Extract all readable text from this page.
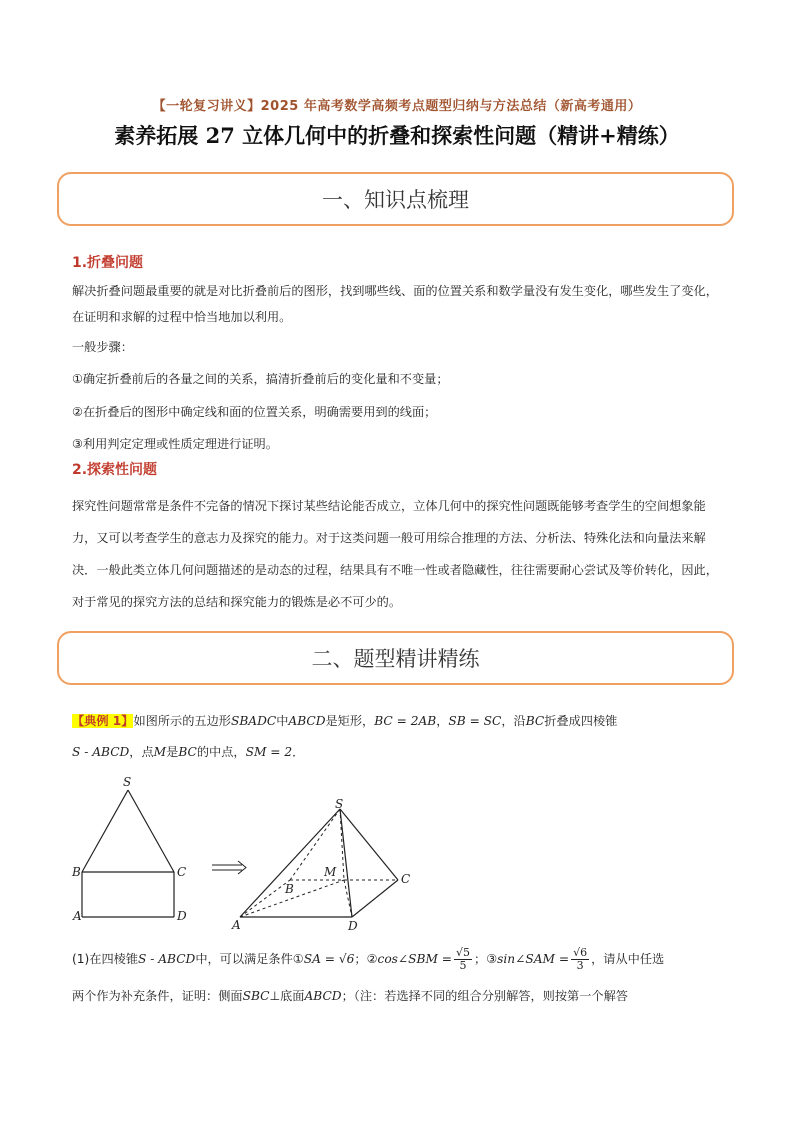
【一轮复习讲义】2025 年高考数学高频考点题型归纳与方法总结（新高考通用）
素养拓展 27 立体几何中的折叠和探索性问题（精讲+精练）
一、知识点梳理
1.折叠问题
解决折叠问题最重要的就是对比折叠前后的图形，找到哪些线、面的位置关系和数学量没有发生变化，哪些发生了变化，在证明和求解的过程中恰当地加以利用。
一般步骤：
①确定折叠前后的各量之间的关系，搞清折叠前后的变化量和不变量；
②在折叠后的图形中确定线和面的位置关系，明确需要用到的线面；
③利用判定定理或性质定理进行证明。
2.探索性问题
探究性问题常常是条件不完备的情况下探讨某些结论能否成立，立体几何中的探究性问题既能够考查学生的空间想象能力，又可以考查学生的意志力及探究的能力。对于这类问题一般可用综合推理的方法、分析法、特殊化法和向量法来解决．一般此类立体几何问题描述的是动态的过程，结果具有不唯一性或者隐藏性，往往需要耐心尝试及等价转化，因此，对于常见的探究方法的总结和探究能力的锻炼是必不可少的。
二、题型精讲精练
【典例 1】如图所示的五边形SBADC中ABCD是矩形，BC = 2AB，SB = SC，沿BC折叠成四棱锥
S - ABCD，点M是BC的中点，SM = 2．
S
B	C
A	D
S
M
B
C
A	D
(1)在四棱锥S - ABCD中，可以满足条件①SA = √6；②cos∠SBM = $\frac{√5}{5}$ ；③sin∠SAM = $\frac{√6}{3}$ ，请从中任选
两个作为补充条件，证明：侧面SBC⊥底面ABCD；（注：若选择不同的组合分别解答，则按第一个解答
